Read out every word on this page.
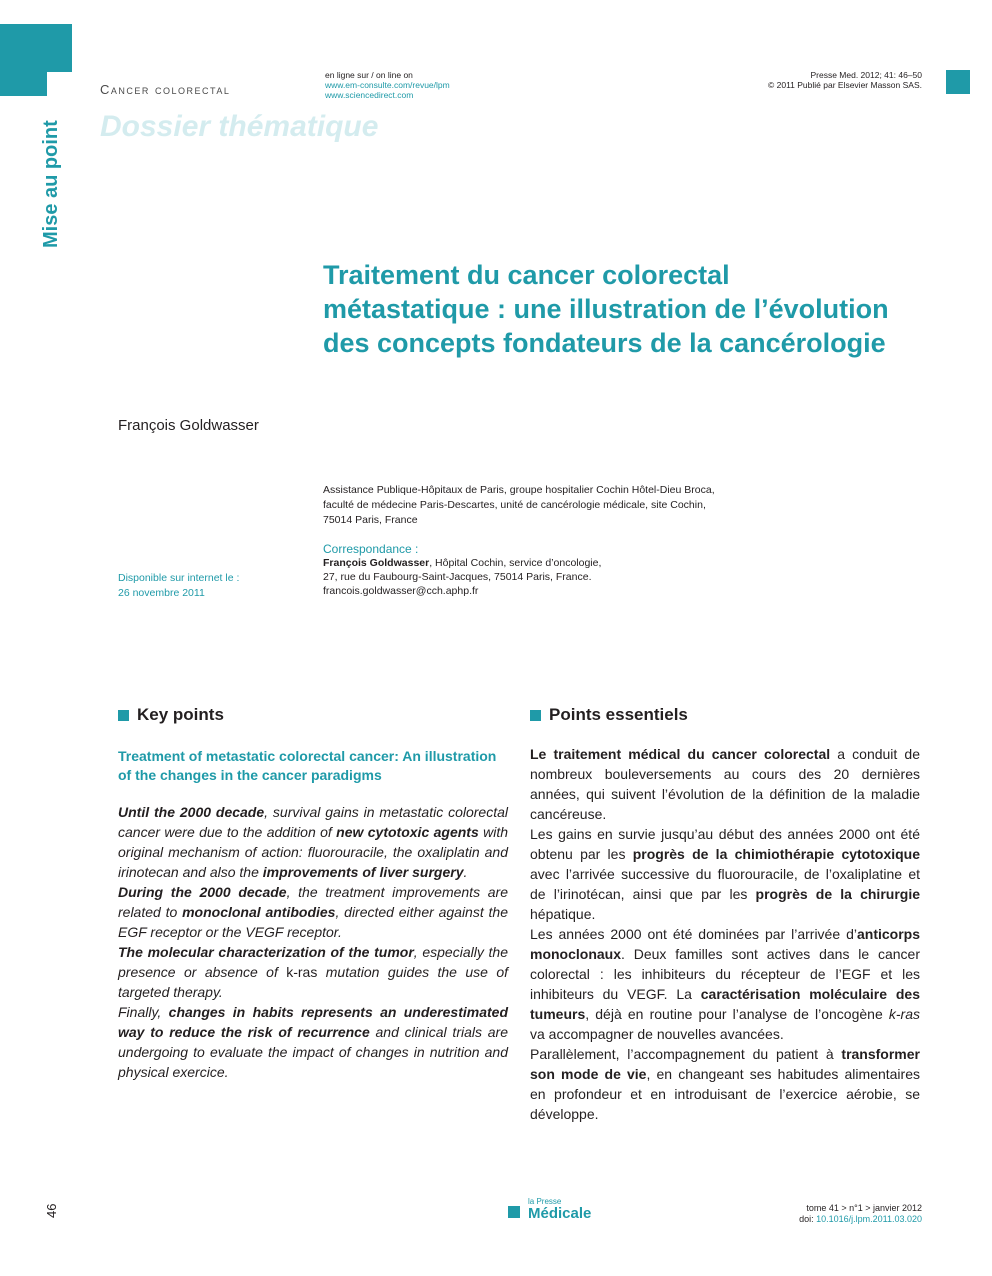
Cancer colorectal
Dossier thématique
Mise au point
en ligne sur / on line on
www.em-consulte.com/revue/lpm
www.sciencedirect.com
Presse Med. 2012; 41: 46–50
© 2011 Publié par Elsevier Masson SAS.
Traitement du cancer colorectal
métastatique : une illustration de l’évolution
des concepts fondateurs de la cancérologie
François Goldwasser
Assistance Publique-Hôpitaux de Paris, groupe hospitalier Cochin Hôtel-Dieu Broca,
faculté de médecine Paris-Descartes, unité de cancérologie médicale, site Cochin,
75014 Paris, France
Correspondance :
François Goldwasser, Hôpital Cochin, service d’oncologie,
27, rue du Faubourg-Saint-Jacques, 75014 Paris, France.
francois.goldwasser@cch.aphp.fr
Disponible sur internet le :
26 novembre 2011
Key points
Treatment of metastatic colorectal cancer: An illustration of the changes in the cancer paradigms

Until the 2000 decade, survival gains in metastatic colorectal cancer were due to the addition of new cytotoxic agents with original mechanism of action: fluorouracile, the oxaliplatin and irinotecan and also the improvements of liver surgery.

During the 2000 decade, the treatment improvements are related to monoclonal antibodies, directed either against the EGF receptor or the VEGF receptor.

The molecular characterization of the tumor, especially the presence or absence of k-ras mutation guides the use of targeted therapy.

Finally, changes in habits represents an underestimated way to reduce the risk of recurrence and clinical trials are undergoing to evaluate the impact of changes in nutrition and physical exercice.

Points essentiels

Le traitement médical du cancer colorectal a conduit de nombreux bouleversements au cours des 20 dernières années, qui suivent l’évolution de la définition de la maladie cancéreuse.

Les gains en survie jusqu’au début des années 2000 ont été obtenu par les progrès de la chimiothérapie cytotoxique avec l’arrivée successive du fluorouracile, de l’oxaliplatine et de l’irinotécan, ainsi que par les progrès de la chirurgie hépatique.

Les années 2000 ont été dominées par l’arrivée d’anticorps monoclonaux. Deux familles sont actives dans le cancer colorectal : les inhibiteurs du récepteur de l’EGF et les inhibiteurs du VEGF. La caractérisation moléculaire des tumeurs, déjà en routine pour l’analyse de l’oncogène k-ras va accompagner de nouvelles avancées.

Parallèlement, l’accompagnement du patient à transformer son mode de vie, en changeant ses habitudes alimentaires en profondeur et en introduisant de l’exercice aérobie, se développe.

46
la Presse
Médicale	tome 41 > n°1 > janvier 2012
doi: 10.1016/j.lpm.2011.03.020
